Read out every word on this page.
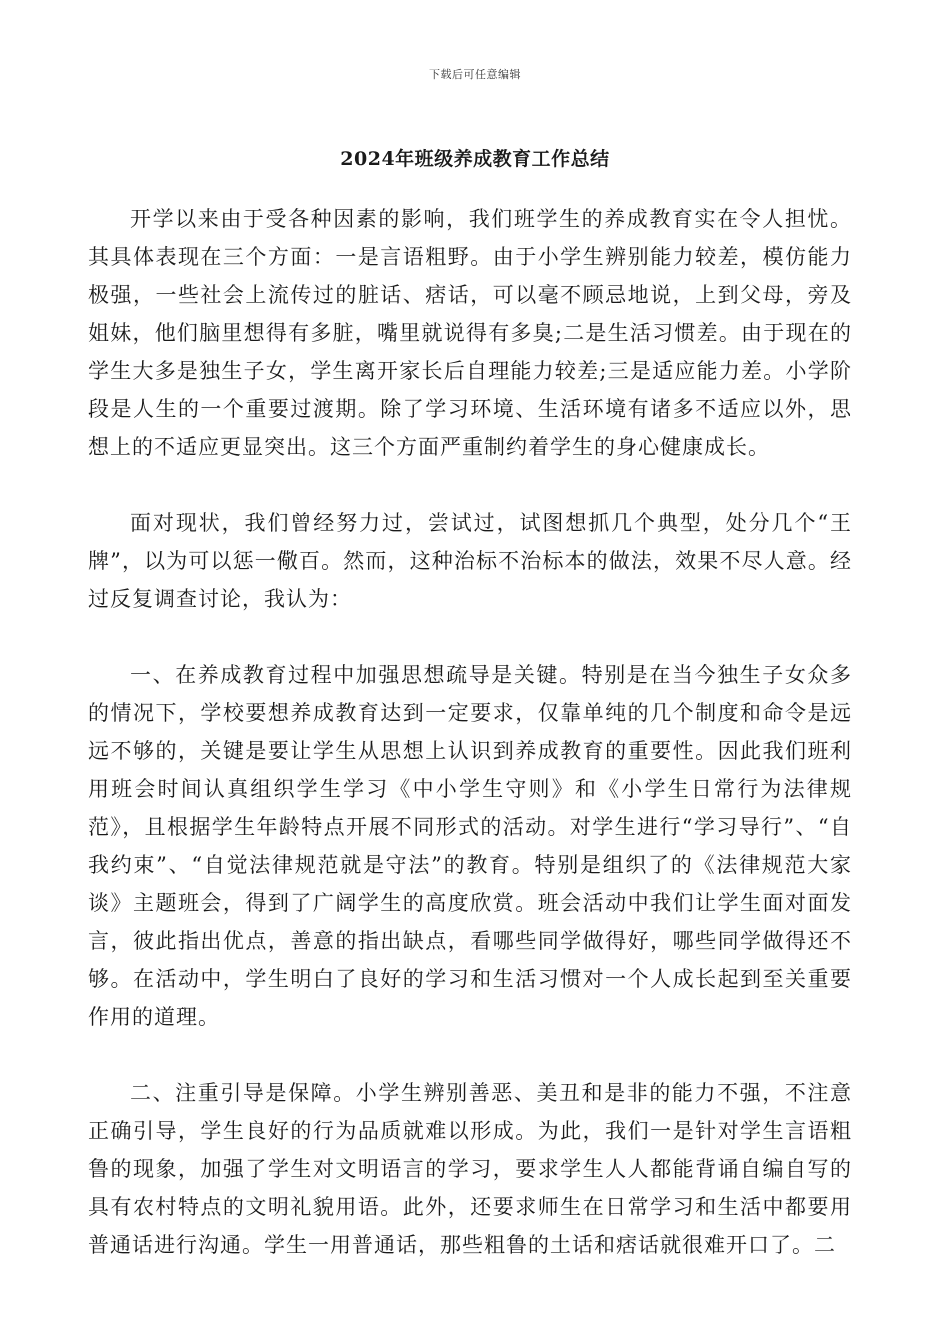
下载后可任意编辑
2024年班级养成教育工作总结

开学以来由于受各种因素的影响，我们班学生的养成教育实在令人担忧。其具体表现在三个方面：一是言语粗野。由于小学生辨别能力较差，模仿能力极强，一些社会上流传过的脏话、痞话，可以毫不顾忌地说，上到父母，旁及姐妹，他们脑里想得有多脏，嘴里就说得有多臭;二是生活习惯差。由于现在的学生大多是独生子女，学生离开家长后自理能力较差;三是适应能力差。小学阶段是人生的一个重要过渡期。除了学习环境、生活环境有诸多不适应以外，思想上的不适应更显突出。这三个方面严重制约着学生的身心健康成长。

面对现状，我们曾经努力过，尝试过，试图想抓几个典型，处分几个“王牌”，以为可以惩一儆百。然而，这种治标不治标本的做法，效果不尽人意。经过反复调查讨论，我认为：

一、在养成教育过程中加强思想疏导是关键。特别是在当今独生子女众多的情况下，学校要想养成教育达到一定要求，仅靠单纯的几个制度和命令是远远不够的，关键是要让学生从思想上认识到养成教育的重要性。因此我们班利用班会时间认真组织学生学习《中小学生守则》和《小学生日常行为法律规范》，且根据学生年龄特点开展不同形式的活动。对学生进行“学习导行”、“自我约束”、“自觉法律规范就是守法”的教育。特别是组织了的《法律规范大家谈》主题班会，得到了广阔学生的高度欣赏。班会活动中我们让学生面对面发言，彼此指出优点，善意的指出缺点，看哪些同学做得好，哪些同学做得还不够。在活动中，学生明白了良好的学习和生活习惯对一个人成长起到至关重要作用的道理。

二、注重引导是保障。小学生辨别善恶、美丑和是非的能力不强，不注意正确引导，学生良好的行为品质就难以形成。为此，我们一是针对学生言语粗鲁的现象，加强了学生对文明语言的学习，要求学生人人都能背诵自编自写的具有农村特点的文明礼貌用语。此外，还要求师生在日常学习和生活中都要用普通话进行沟通。学生一用普通话，那些粗鲁的土话和痞话就很难开口了。二
